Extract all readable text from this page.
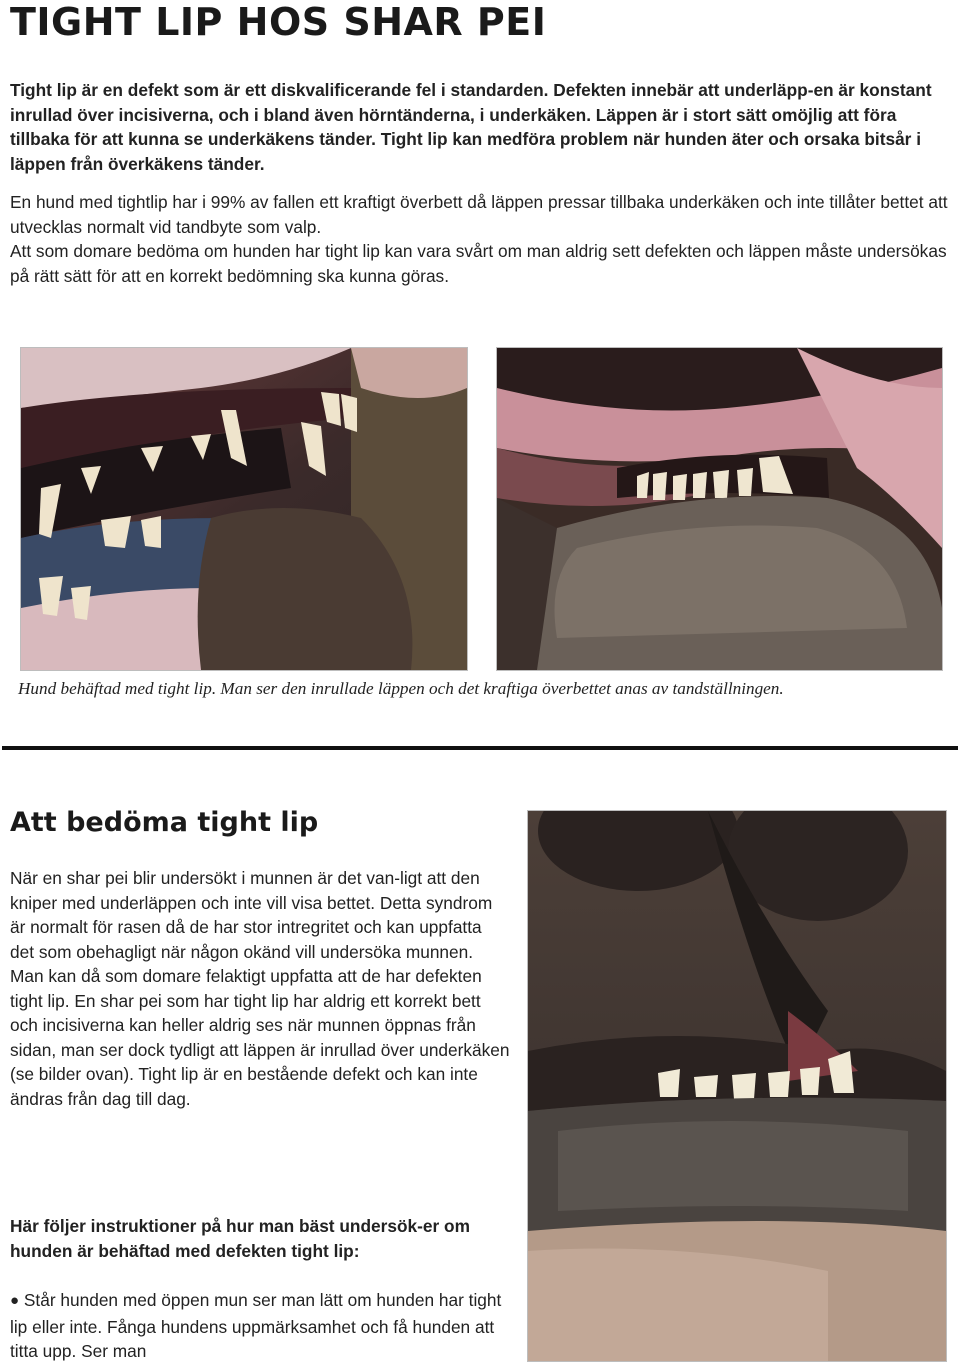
TIGHT LIP HOS SHAR PEI

Tight lip är en defekt som är ett diskvalificerande fel i standarden. Defekten innebär att underläpp-en är konstant inrullad över incisiverna, och i bland även hörntänderna, i underkäken. Läppen är i stort sätt omöjlig att föra tillbaka för att kunna se underkäkens tänder. Tight lip kan medföra problem när hunden äter och orsaka bitsår i läppen från överkäkens tänder.

En hund med tightlip har i 99% av fallen ett kraftigt överbett då läppen pressar tillbaka underkäken och inte tillåter bettet att utvecklas normalt vid tandbyte som valp.

Att som domare bedöma om hunden har tight lip kan vara svårt om man aldrig sett defekten och läppen måste undersökas på rätt sätt för att en korrekt bedömning ska kunna göras.

Hund behäftad med tight lip. Man ser den inrullade läppen och det kraftiga överbettet anas av tandställningen.

Att bedöma tight lip

När en shar pei blir undersökt i munnen är det van-ligt att den kniper med underläppen och inte vill visa bettet. Detta syndrom är normalt för rasen då de har stor intregritet och kan uppfatta det som obehagligt när någon okänd vill undersöka munnen. Man kan då som domare felaktigt uppfatta att de har defekten tight lip. En shar pei som har tight lip har aldrig ett korrekt bett och incisiverna kan heller aldrig ses när munnen öppnas från sidan, man ser dock tydligt att läppen är inrullad över underkäken (se bilder ovan). Tight lip är en bestående defekt och kan inte ändras från dag till dag.

Här följer instruktioner på hur man bäst undersök-er om hunden är behäftad med defekten tight lip:

● Står hunden med öppen mun ser man lätt om hunden har tight lip eller inte. Fånga hundens uppmärksamhet och få hunden att titta upp. Ser man
